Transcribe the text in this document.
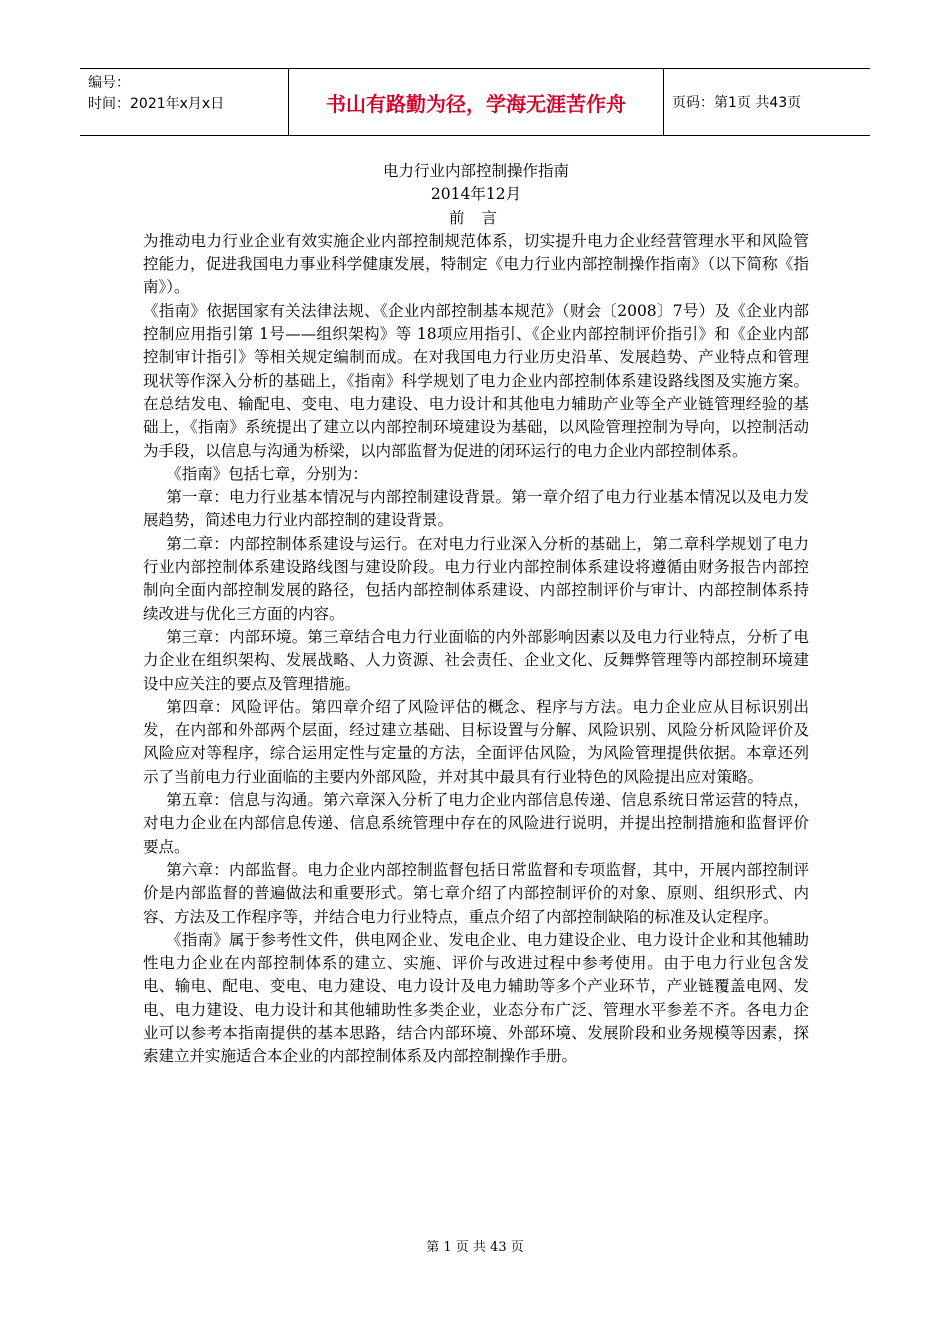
编号：
时间：2021年x月x日	书山有路勤为径，学海无涯苦作舟	页码：第1页 共43页
电力行业内部控制操作指南
2014年12月
前 言

为推动电力行业企业有效实施企业内部控制规范体系，切实提升电力企业经营管理水平和风险管控能力，促进我国电力事业科学健康发展，特制定《电力行业内部控制操作指南》（以下简称《指南》）。

《指南》依据国家有关法律法规、《企业内部控制基本规范》（财会〔2008〕7号）及《企业内部控制应用指引第 1号——组织架构》等 18项应用指引、《企业内部控制评价指引》和《企业内部控制审计指引》等相关规定编制而成。在对我国电力行业历史沿革、发展趋势、产业特点和管理现状等作深入分析的基础上，《指南》科学规划了电力企业内部控制体系建设路线图及实施方案。在总结发电、输配电、变电、电力建设、电力设计和其他电力辅助产业等全产业链管理经验的基础上，《指南》系统提出了建立以内部控制环境建设为基础，以风险管理控制为导向，以控制活动为手段，以信息与沟通为桥梁，以内部监督为促进的闭环运行的电力企业内部控制体系。

《指南》包括七章，分别为：

第一章：电力行业基本情况与内部控制建设背景。第一章介绍了电力行业基本情况以及电力发展趋势，简述电力行业内部控制的建设背景。

第二章：内部控制体系建设与运行。在对电力行业深入分析的基础上，第二章科学规划了电力行业内部控制体系建设路线图与建设阶段。电力行业内部控制体系建设将遵循由财务报告内部控制向全面内部控制发展的路径，包括内部控制体系建设、内部控制评价与审计、内部控制体系持续改进与优化三方面的内容。

第三章：内部环境。第三章结合电力行业面临的内外部影响因素以及电力行业特点，分析了电力企业在组织架构、发展战略、人力资源、社会责任、企业文化、反舞弊管理等内部控制环境建设中应关注的要点及管理措施。

第四章：风险评估。第四章介绍了风险评估的概念、程序与方法。电力企业应从目标识别出发，在内部和外部两个层面，经过建立基础、目标设置与分解、风险识别、风险分析风险评价及风险应对等程序，综合运用定性与定量的方法，全面评估风险，为风险管理提供依据。本章还列示了当前电力行业面临的主要内外部风险，并对其中最具有行业特色的风险提出应对策略。

第五章：信息与沟通。第六章深入分析了电力企业内部信息传递、信息系统日常运营的特点，对电力企业在内部信息传递、信息系统管理中存在的风险进行说明，并提出控制措施和监督评价要点。

第六章：内部监督。电力企业内部控制监督包括日常监督和专项监督，其中，开展内部控制评价是内部监督的普遍做法和重要形式。第七章介绍了内部控制评价的对象、原则、组织形式、内容、方法及工作程序等，并结合电力行业特点，重点介绍了内部控制缺陷的标准及认定程序。

《指南》属于参考性文件，供电网企业、发电企业、电力建设企业、电力设计企业和其他辅助性电力企业在内部控制体系的建立、实施、评价与改进过程中参考使用。由于电力行业包含发电、输电、配电、变电、电力建设、电力设计及电力辅助等多个产业环节，产业链覆盖电网、发电、电力建设、电力设计和其他辅助性多类企业，业态分布广泛、管理水平参差不齐。各电力企业可以参考本指南提供的基本思路，结合内部环境、外部环境、发展阶段和业务规模等因素，探索建立并实施适合本企业的内部控制体系及内部控制操作手册。

第 1 页 共 43 页
